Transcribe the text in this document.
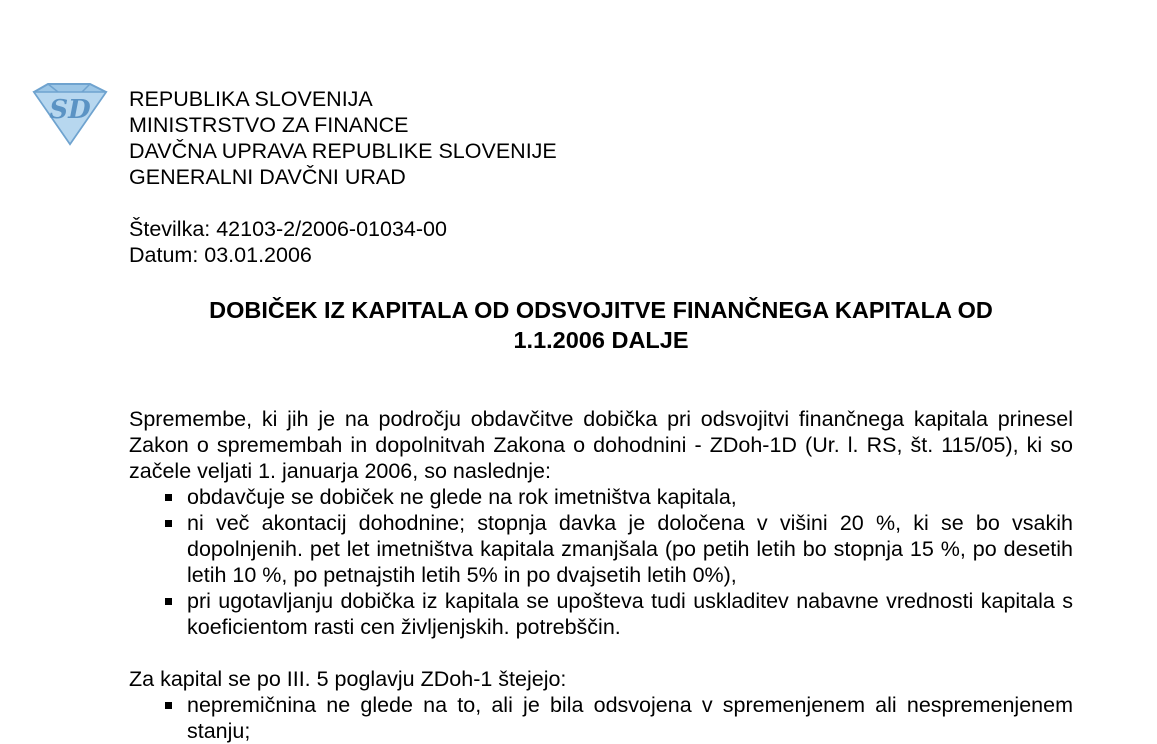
SD REPUBLIKA SLOVENIJA
MINISTRSTVO ZA FINANCE
DAVČNA UPRAVA REPUBLIKE SLOVENIJE
GENERALNI DAVČNI URAD
Številka: 42103-2/2006-01034-00
Datum: 03.01.2006
DOBIČEK IZ KAPITALA OD ODSVOJITVE FINANČNEGA KAPITALA OD
1.1.2006 DALJE
Spremembe, ki jih je na področju obdavčitve dobička pri odsvojitvi finančnega kapitala prinesel Zakon o spremembah in dopolnitvah Zakona o dohodnini - ZDoh-1D (Ur. l. RS, št. 115/05), ki so začele veljati 1. januarja 2006, so naslednje:
obdavčuje se dobiček ne glede na rok imetništva kapitala,
ni več akontacij dohodnine; stopnja davka je določena v višini 20 %, ki se bo vsakih dopolnjenih. pet let imetništva kapitala zmanjšala (po petih letih bo stopnja 15 %, po desetih letih 10 %, po petnajstih letih 5% in po dvajsetih letih 0%),
pri ugotavljanju dobička iz kapitala se upošteva tudi uskladitev nabavne vrednosti kapitala s koeficientom rasti cen življenjskih. potrebščin.
Za kapital se po III. 5 poglavju ZDoh-1 štejejo:
nepremičnina ne glede na to, ali je bila odsvojena v spremenjenem ali nespremenjenem stanju;
